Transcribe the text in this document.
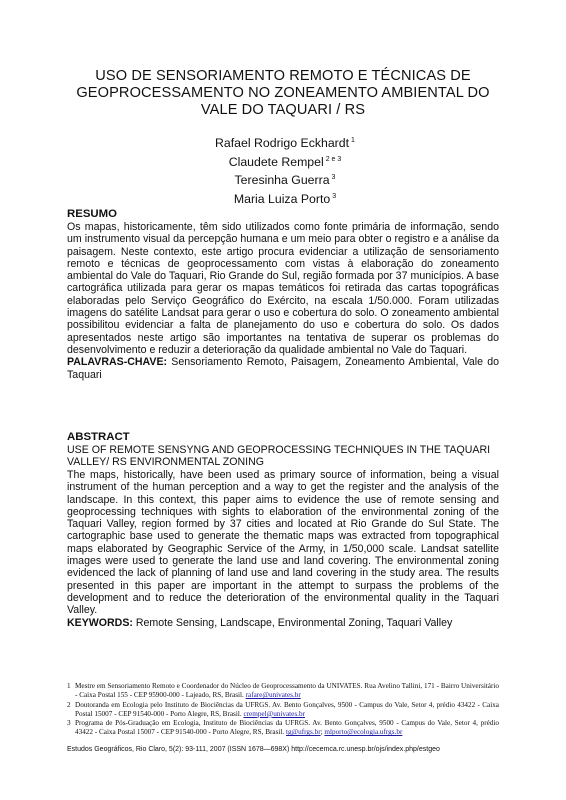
USO DE SENSORIAMENTO REMOTO E TÉCNICAS DE GEOPROCESSAMENTO NO ZONEAMENTO AMBIENTAL DO VALE DO TAQUARI / RS
Rafael Rodrigo Eckhardt $^1$
Claudete Rempel $^{2 e 3}$
Teresinha Guerra $^3$
Maria Luiza Porto $^3$
RESUMO
Os mapas, historicamente, têm sido utilizados como fonte primária de informação, sendo um instrumento visual da percepção humana e um meio para obter o registro e a análise da paisagem. Neste contexto, este artigo procura evidenciar a utilização de sensoriamento remoto e técnicas de geoprocessamento com vistas à elaboração do zoneamento ambiental do Vale do Taquari, Rio Grande do Sul, região formada por 37 municípios. A base cartográfica utilizada para gerar os mapas temáticos foi retirada das cartas topográficas elaboradas pelo Serviço Geográfico do Exército, na escala 1/50.000. Foram utilizadas imagens do satélite Landsat para gerar o uso e cobertura do solo. O zoneamento ambiental possibilitou evidenciar a falta de planejamento do uso e cobertura do solo. Os dados apresentados neste artigo são importantes na tentativa de superar os problemas do desenvolvimento e reduzir a deterioração da qualidade ambiental no Vale do Taquari.
PALAVRAS-CHAVE: Sensoriamento Remoto, Paisagem, Zoneamento Ambiental, Vale do Taquari
ABSTRACT
USE OF REMOTE SENSYNG AND GEOPROCESSING TECHNIQUES IN THE TAQUARI VALLEY/ RS ENVIRONMENTAL ZONING
The maps, historically, have been used as primary source of information, being a visual instrument of the human perception and a way to get the register and the analysis of the landscape. In this context, this paper aims to evidence the use of remote sensing and geoprocessing techniques with sights to elaboration of the environmental zoning of the Taquari Valley, region formed by 37 cities and located at Rio Grande do Sul State. The cartographic base used to generate the thematic maps was extracted from topographical maps elaborated by Geographic Service of the Army, in 1/50,000 scale. Landsat satellite images were used to generate the land use and land covering. The environmental zoning evidenced the lack of planning of land use and land covering in the study area. The results presented in this paper are important in the attempt to surpass the problems of the development and to reduce the deterioration of the environmental quality in the Taquari Valley.
KEYWORDS: Remote Sensing, Landscape, Environmental Zoning, Taquari Valley
1 Mestre em Sensoriamento Remoto e Coordenador do Núcleo de Geoprocessamento da UNIVATES. Rua Avelino Tallini, 171 - Bairro Universitário - Caixa Postal 155 - CEP 95900-000 - Lajeado, RS, Brasil. rafare@univates.br
2 Doutoranda em Ecologia pelo Instituto de Biociências da UFRGS. Av. Bento Gonçalves, 9500 - Campus do Vale, Setor 4, prédio 43422 - Caixa Postal 15007 - CEP 91540-000 - Porto Alegre, RS, Brasil. crempel@univates.br
3 Programa de Pós-Graduação em Ecologia, Instituto de Biociências da UFRGS. Av. Bento Gonçalves, 9500 - Campus do Vale, Setor 4, prédio 43422 - Caixa Postal 15007 - CEP 91540-000 - Porto Alegre, RS, Brasil. tg@ufrgs.br; mlporto@ecologia.ufrgs.br
Estudos Geográficos, Rio Claro, 5(2): 93-111, 2007 (ISSN 1678—698X) http://cecemca.rc.unesp.br/ojs/index.php/estgeo
